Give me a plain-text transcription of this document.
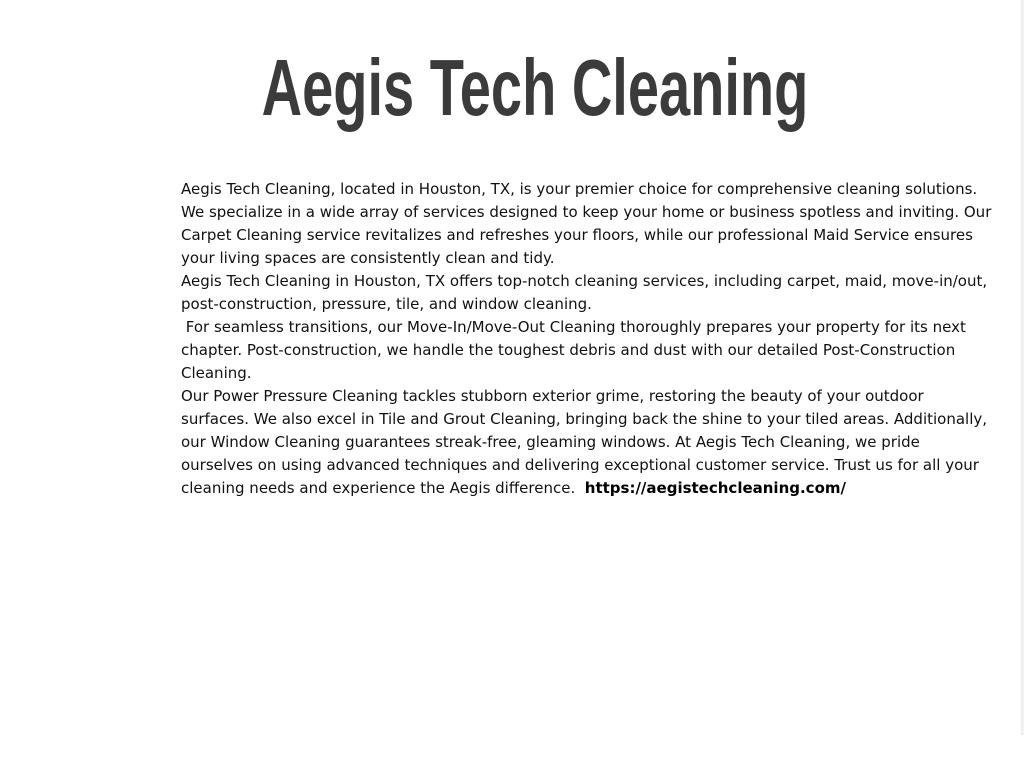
Aegis Tech Cleaning

Aegis Tech Cleaning, located in Houston, TX, is your premier choice for comprehensive cleaning solutions. We specialize in a wide array of services designed to keep your home or business spotless and inviting. Our Carpet Cleaning service revitalizes and refreshes your floors, while our professional Maid Service ensures your living spaces are consistently clean and tidy.

Aegis Tech Cleaning in Houston, TX offers top-notch cleaning services, including carpet, maid, move-in/out, post-construction, pressure, tile, and window cleaning.

For seamless transitions, our Move-In/Move-Out Cleaning thoroughly prepares your property for its next chapter. Post-construction, we handle the toughest debris and dust with our detailed Post-Construction Cleaning.

Our Power Pressure Cleaning tackles stubborn exterior grime, restoring the beauty of your outdoor surfaces. We also excel in Tile and Grout Cleaning, bringing back the shine to your tiled areas. Additionally, our Window Cleaning guarantees streak-free, gleaming windows. At Aegis Tech Cleaning, we pride ourselves on using advanced techniques and delivering exceptional customer service. Trust us for all your cleaning needs and experience the Aegis difference.  https://aegistechcleaning.com/
